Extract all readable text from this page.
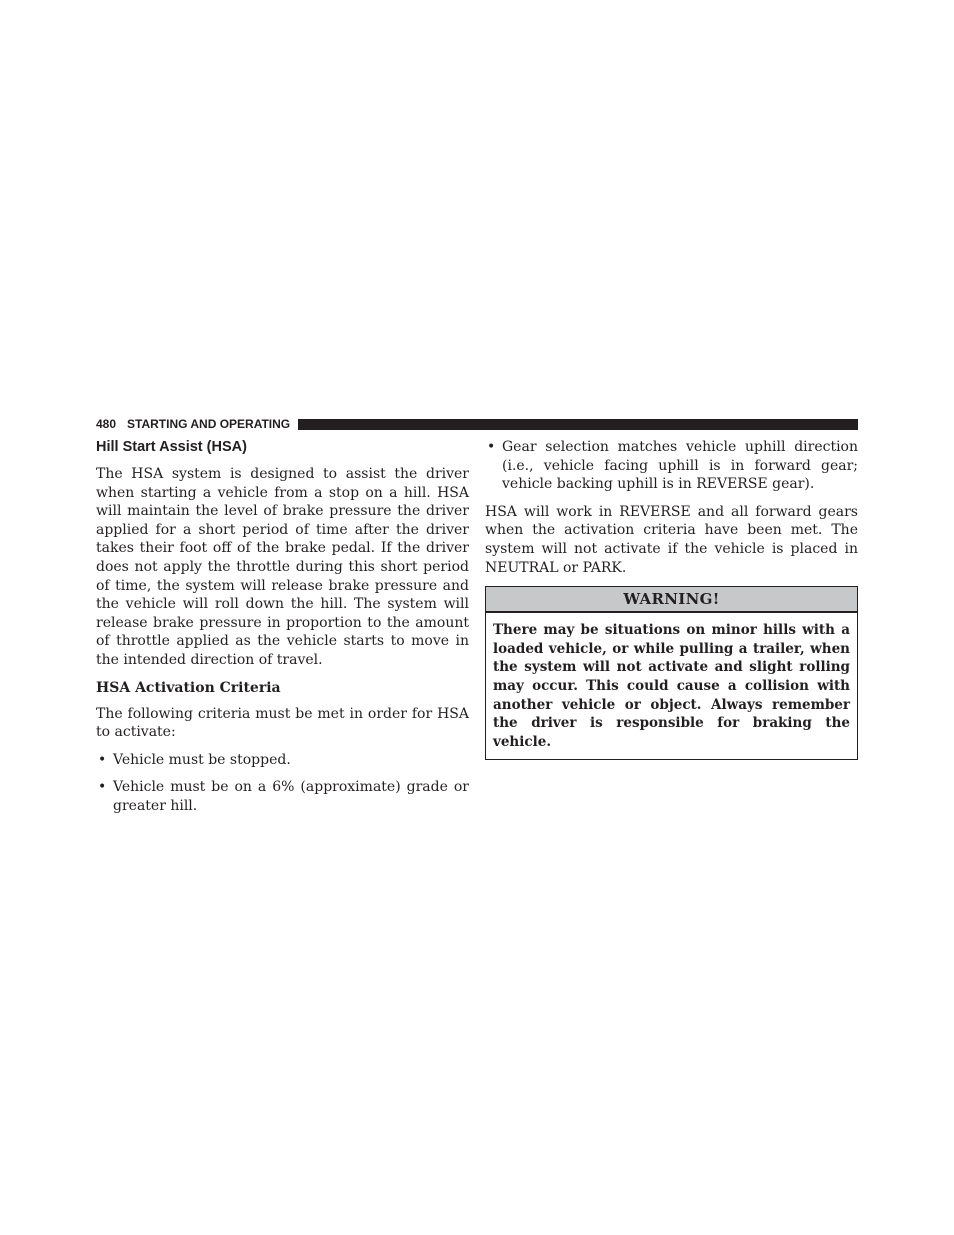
480 STARTING AND OPERATING
Hill Start Assist (HSA)

The HSA system is designed to assist the driver when starting a vehicle from a stop on a hill. HSA will maintain the level of brake pressure the driver applied for a short period of time after the driver takes their foot off of the brake pedal. If the driver does not apply the throttle during this short period of time, the system will release brake pressure and the vehicle will roll down the hill. The system will release brake pressure in proportion to the amount of throttle applied as the vehicle starts to move in the intended direction of travel.

HSA Activation Criteria

The following criteria must be met in order for HSA to activate:

• Vehicle must be stopped.
• Vehicle must be on a 6% (approximate) grade or greater hill.
• Gear selection matches vehicle uphill direction (i.e., vehicle facing uphill is in forward gear; vehicle backing uphill is in REVERSE gear).

HSA will work in REVERSE and all forward gears when the activation criteria have been met. The system will not activate if the vehicle is placed in NEUTRAL or PARK.

WARNING!
There may be situations on minor hills with a loaded vehicle, or while pulling a trailer, when the system will not activate and slight rolling may occur. This could cause a collision with another vehicle or object. Always remember the driver is responsible for braking the vehicle.
